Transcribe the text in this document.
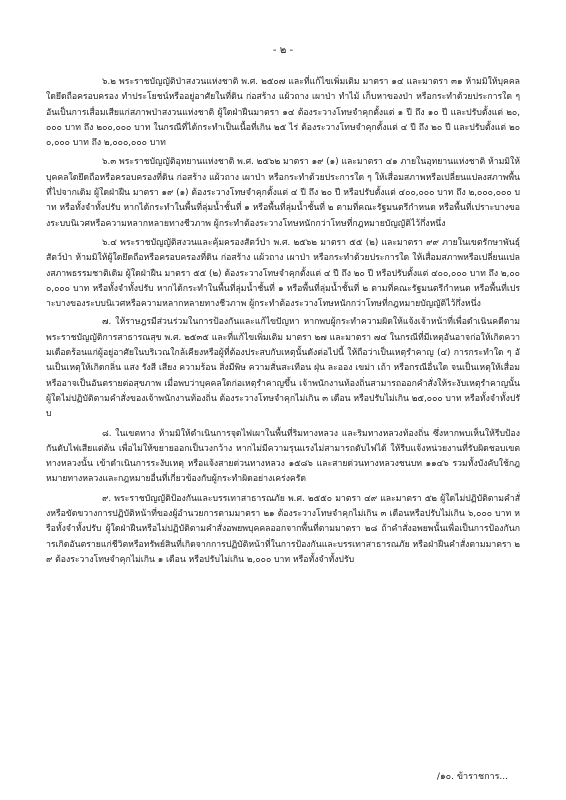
- ๒ -

๖.๒ พระราชบัญญัติป่าสงวนแห่งชาติ พ.ศ. ๒๕๐๗ และที่แก้ไขเพิ่มเติม มาตรา ๑๔ และมาตรา ๓๑ ห้ามมิให้บุคคลใดยึดถือครอบครอง ทำประโยชน์หรืออยู่อาศัยในที่ดิน ก่อสร้าง แผ้วถาง เผาป่า ทำไม้ เก็บหาของป่า หรือกระทำด้วยประการใด ๆ อันเป็นการเสื่อมเสียแก่สภาพป่าสงวนแห่งชาติ ผู้ใดฝ่าฝืนมาตรา ๑๔ ต้องระวางโทษจำคุกตั้งแต่ ๑ ปี ถึง ๑๐ ปี และปรับตั้งแต่ ๒๐,๐๐๐ บาท ถึง ๒๐๐,๐๐๐ บาท ในกรณีที่ได้กระทำเป็นเนื้อที่เกิน ๒๕ ไร่ ต้องระวางโทษจำคุกตั้งแต่ ๔ ปี ถึง ๒๐ ปี และปรับตั้งแต่ ๒๐๐,๐๐๐ บาท ถึง ๒,๐๐๐,๐๐๐ บาท

๖.๓ พระราชบัญญัติอุทยานแห่งชาติ พ.ศ. ๒๕๖๒ มาตรา ๑๙ (๑) และมาตรา ๔๑ ภายในอุทยานแห่งชาติ ห้ามมิให้บุคคลใดยึดถือหรือครอบครองที่ดิน ก่อสร้าง แผ้วถาง เผาป่า หรือกระทำด้วยประการใด ๆ ให้เสื่อมสภาพหรือเปลี่ยนแปลงสภาพพื้นที่ไปจากเดิม ผู้ใดฝ่าฝืน มาตรา ๑๙ (๑) ต้องระวางโทษจำคุกตั้งแต่ ๔ ปี ถึง ๒๐ ปี หรือปรับตั้งแต่ ๔๐๐,๐๐๐ บาท ถึง ๒,๐๐๐,๐๐๐ บาท หรือทั้งจำทั้งปรับ หากได้กระทำในพื้นที่ลุ่มน้ำชั้นที่ ๑ หรือพื้นที่ลุ่มน้ำชั้นที่ ๒ ตามที่คณะรัฐมนตรีกำหนด หรือพื้นที่เปราะบางของระบบนิเวศหรือความหลากหลายทางชีวภาพ ผู้กระทำต้องระวางโทษหนักกว่าโทษที่กฎหมายบัญญัติไว้กึ่งหนึ่ง

๖.๔ พระราชบัญญัติสงวนและคุ้มครองสัตว์ป่า พ.ศ. ๒๕๖๒ มาตรา ๕๕ (๒) และมาตรา ๙๙ ภายในเขตรักษาพันธุ์สัตว์ป่า ห้ามมิให้ผู้ใดยึดถือหรือครอบครองที่ดิน ก่อสร้าง แผ้วถาง เผาป่า หรือกระทำด้วยประการใด ให้เสื่อมสภาพหรือเปลี่ยนแปลงสภาพธรรมชาติเดิม ผู้ใดฝ่าฝืน มาตรา ๕๕ (๒) ต้องระวางโทษจำคุกตั้งแต่ ๔ ปี ถึง ๒๐ ปี หรือปรับตั้งแต่ ๔๐๐,๐๐๐ บาท ถึง ๒,๐๐๐,๐๐๐ บาท หรือทั้งจำทั้งปรับ หากได้กระทำในพื้นที่ลุ่มน้ำชั้นที่ ๑ หรือพื้นที่ลุ่มน้ำชั้นที่ ๒ ตามที่คณะรัฐมนตรีกำหนด หรือพื้นที่เปราะบางของระบบนิเวศหรือความหลากหลายทางชีวภาพ ผู้กระทำต้องระวางโทษหนักกว่าโทษที่กฎหมายบัญญัติไว้กึ่งหนึ่ง

๗. ให้ราษฎรมีส่วนร่วมในการป้องกันและแก้ไขปัญหา หากพบผู้กระทำความผิดให้แจ้งเจ้าหน้าที่เพื่อดำเนินคดีตามพระราชบัญญัติการสาธารณสุข พ.ศ. ๒๕๓๕ และที่แก้ไขเพิ่มเติม มาตรา ๒๗ และมาตรา ๗๔ ในกรณีที่มีเหตุอันอาจก่อให้เกิดความเดือดร้อนแก่ผู้อยู่อาศัยในบริเวณใกล้เคียงหรือผู้ที่ต้องประสบกับเหตุนั้นดังต่อไปนี้ ให้ถือว่าเป็นเหตุรำคาญ (๔) การกระทำใด ๆ อันเป็นเหตุให้เกิดกลิ่น แสง รังสี เสียง ความร้อน สิ่งมีพิษ ความสั่นสะเทือน ฝุ่น ละออง เขม่า เถ้า หรือกรณีอื่นใด จนเป็นเหตุให้เสื่อมหรืออาจเป็นอันตรายต่อสุขภาพ เมื่อพบว่าบุคคลใดก่อเหตุรำคาญขึ้น เจ้าพนักงานท้องถิ่นสามารถออกคำสั่งให้ระงับเหตุรำคาญนั้น ผู้ใดไม่ปฏิบัติตามคำสั่งของเจ้าพนักงานท้องถิ่น ต้องระวางโทษจำคุกไม่เกิน ๓ เดือน หรือปรับไม่เกิน ๒๕,๐๐๐ บาท หรือทั้งจำทั้งปรับ

๘. ในเขตทาง ห้ามมิให้ดำเนินการจุดไฟเผาในพื้นที่ริมทางหลวง และริมทางหลวงท้องถิ่น ซึ่งหากพบเห็นให้รีบป้องกันดับไฟเสียแต่ต้น เพื่อไม่ให้ขยายออกเป็นวงกว้าง หากไม่มีความรุนแรงไม่สามารถดับไฟได้ ให้รีบแจ้งหน่วยงานที่รับผิดชอบเขตทางหลวงนั้น เข้าดำเนินการระงับเหตุ หรือแจ้งสายด่วนทางหลวง ๑๕๘๖ และสายด่วนทางหลวงชนบท ๑๑๔๖ รวมทั้งบังคับใช้กฎหมายทางหลวงและกฎหมายอื่นที่เกี่ยวข้องกับผู้กระทำผิดอย่างเคร่งครัด

๙. พระราชบัญญัติป้องกันและบรรเทาสาธารณภัย พ.ศ. ๒๕๕๐ มาตรา ๔๙ และมาตรา ๕๒ ผู้ใดไม่ปฏิบัติตามคำสั่งหรือขัดขวางการปฏิบัติหน้าที่ของผู้อำนวยการตามมาตรา ๒๑ ต้องระวางโทษจำคุกไม่เกิน ๓ เดือนหรือปรับไม่เกิน ๖,๐๐๐ บาท หรือทั้งจำทั้งปรับ ผู้ใดฝ่าฝืนหรือไม่ปฏิบัติตามคำสั่งอพยพบุคคลออกจากพื้นที่ตามมาตรา ๒๘ ถ้าคำสั่งอพยพนั้นเพื่อเป็นการป้องกันการเกิดอันตรายแก่ชีวิตหรือทรัพย์สินที่เกิดจากการปฏิบัติหน้าที่ในการป้องกันและบรรเทาสาธารณภัย หรือฝ่าฝืนคำสั่งตามมาตรา ๒๙ ต้องระวางโทษจำคุกไม่เกิน ๑ เดือน หรือปรับไม่เกิน ๒,๐๐๐ บาท หรือทั้งจำทั้งปรับ

/๑๐. ข้าราชการ...
